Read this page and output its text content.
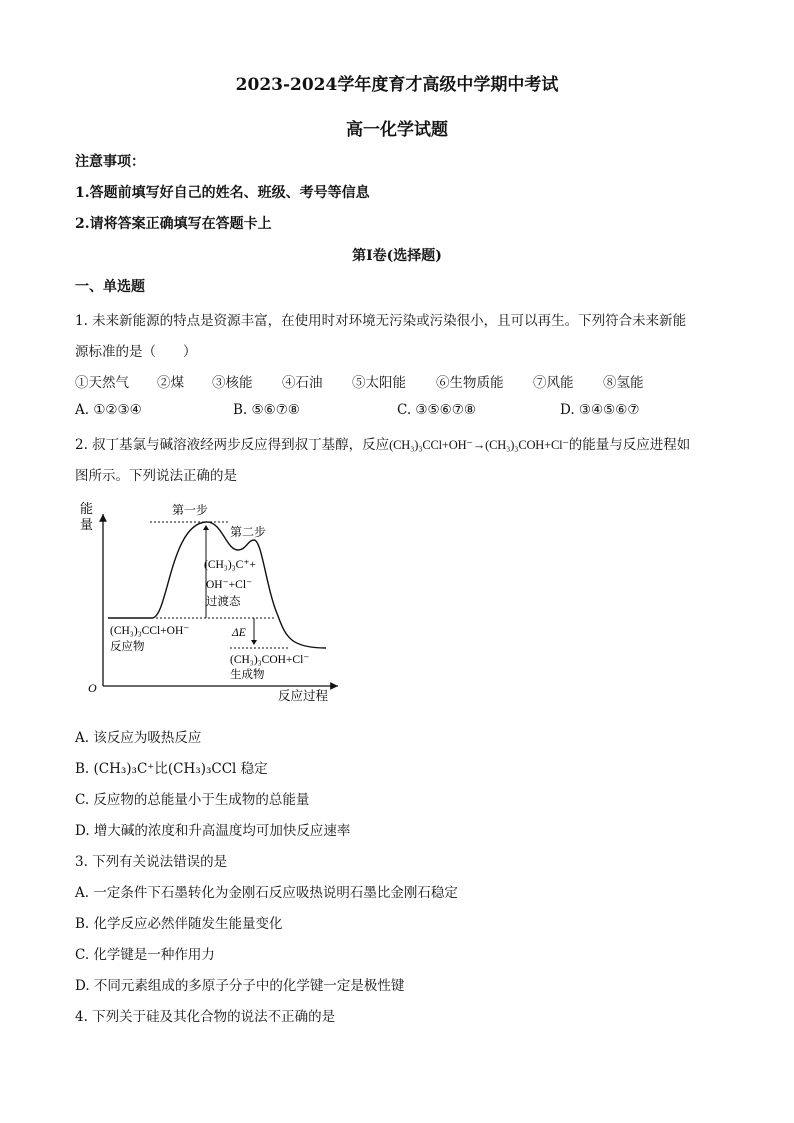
2023-2024学年度育才高级中学期中考试
高一化学试题
注意事项：
1.答题前填写好自己的姓名、班级、考号等信息
2.请将答案正确填写在答题卡上
第I卷(选择题)
一、单选题
1. 未来新能源的特点是资源丰富，在使用时对环境无污染或污染很小，且可以再生。下列符合未来新能
源标准的是（　　）
①天然气 ②煤 ③核能 ④石油 ⑤太阳能 ⑥生物质能 ⑦风能 ⑧氢能
A. ①②③④	B. ⑤⑥⑦⑧	C. ③⑤⑥⑦⑧	D. ③④⑤⑥⑦
2. 叔丁基氯与碱溶液经两步反应得到叔丁基醇，反应(CH₃)₃CCl+OH⁻→(CH₃)₃COH+Cl⁻的能量与反应进程如
图所示。下列说法正确的是
能
量
O
反应过程
第一步
第二步
(CH₃)₃C⁺+
OH⁻+Cl⁻
过渡态
(CH₃)₃CCl+OH⁻
反应物
ΔE
(CH₃)₃COH+Cl⁻
生成物
A. 该反应为吸热反应
B. (CH₃)₃C⁺比(CH₃)₃CCl 稳定
C. 反应物的总能量小于生成物的总能量
D. 增大碱的浓度和升高温度均可加快反应速率
3. 下列有关说法错误的是
A. 一定条件下石墨转化为金刚石反应吸热说明石墨比金刚石稳定
B. 化学反应必然伴随发生能量变化
C. 化学键是一种作用力
D. 不同元素组成的多原子分子中的化学键一定是极性键
4. 下列关于硅及其化合物的说法不正确的是
